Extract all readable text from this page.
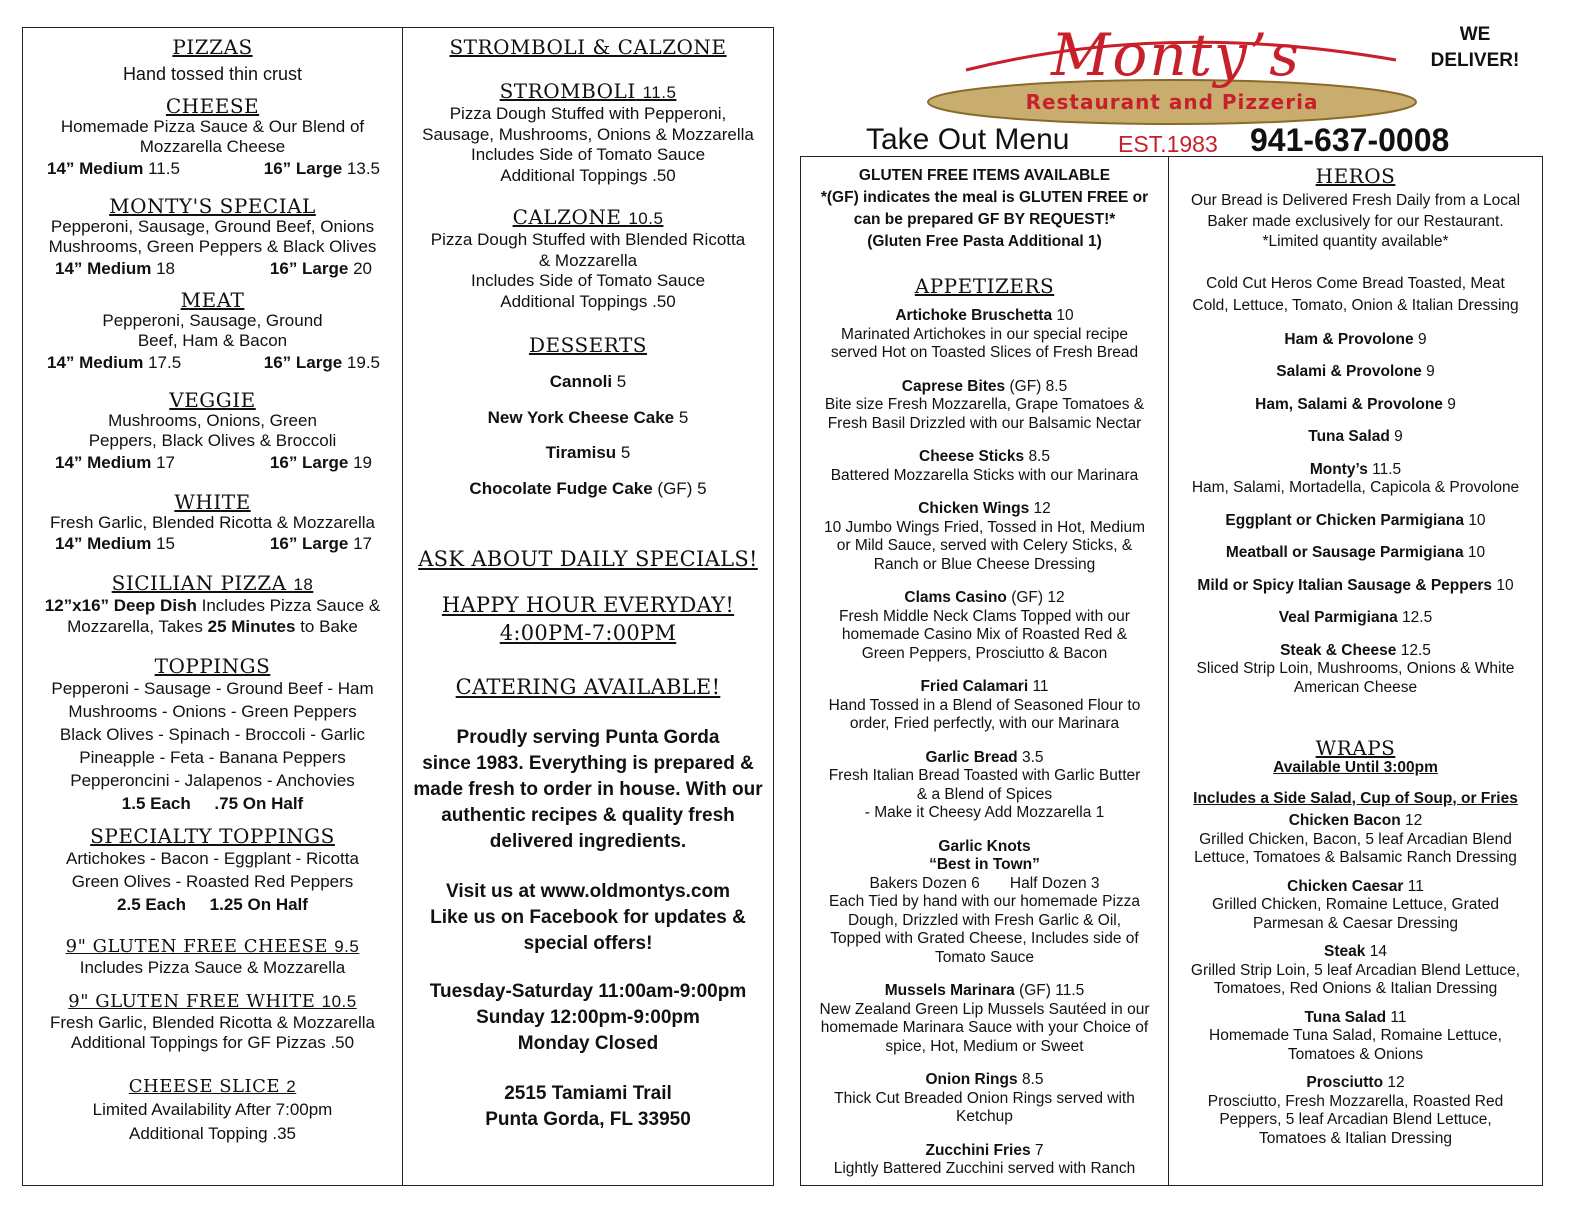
PIZZAS
Hand tossed thin crust
CHEESE
Homemade Pizza Sauce & Our Blend of Mozzarella Cheese
14” Medium 11.5	16” Large 13.5
MONTY'S SPECIAL
Pepperoni, Sausage, Ground Beef, Onions Mushrooms, Green Peppers & Black Olives
14” Medium 18	16” Large 20
MEAT
Pepperoni, Sausage, Ground Beef, Ham & Bacon
14” Medium 17.5	16” Large 19.5
VEGGIE
Mushrooms, Onions, Green Peppers, Black Olives & Broccoli
14” Medium 17	16” Large 19
WHITE
Fresh Garlic, Blended Ricotta & Mozzarella
14” Medium 15	16” Large 17
SICILIAN PIZZA 18
12”x16” Deep Dish Includes Pizza Sauce &
Mozzarella, Takes 25 Minutes to Bake
TOPPINGS
Pepperoni - Sausage - Ground Beef - Ham
Mushrooms - Onions - Green Peppers
Black Olives - Spinach - Broccoli - Garlic
Pineapple - Feta - Banana Peppers
Pepperoncini - Jalapenos - Anchovies
1.5 Each .75 On Half
SPECIALTY TOPPINGS
Artichokes - Bacon - Eggplant - Ricotta
Green Olives - Roasted Red Peppers
2.5 Each 1.25 On Half
9" GLUTEN FREE CHEESE 9.5
Includes Pizza Sauce & Mozzarella
9" GLUTEN FREE WHITE 10.5
Fresh Garlic, Blended Ricotta & Mozzarella
Additional Toppings for GF Pizzas .50
CHEESE SLICE 2
Limited Availability After 7:00pm
Additional Topping .35
STROMBOLI & CALZONE
STROMBOLI 11.5
Pizza Dough Stuffed with Pepperoni,
Sausage, Mushrooms, Onions & Mozzarella
Includes Side of Tomato Sauce
Additional Toppings .50
CALZONE 10.5
Pizza Dough Stuffed with Blended Ricotta
& Mozzarella
Includes Side of Tomato Sauce
Additional Toppings .50
DESSERTS
Cannoli 5
New York Cheese Cake 5
Tiramisu 5
Chocolate Fudge Cake (GF) 5
ASK ABOUT DAILY SPECIALS!
HAPPY HOUR EVERYDAY!
4:00PM-7:00PM
CATERING AVAILABLE!
Proudly serving Punta Gorda
since 1983. Everything is prepared &
made fresh to order in house. With our
authentic recipes & quality fresh
delivered ingredients.
Visit us at www.oldmontys.com
Like us on Facebook for updates &
special offers!
Tuesday-Saturday 11:00am-9:00pm
Sunday 12:00pm-9:00pm
Monday Closed
2515 Tamiami Trail
Punta Gorda, FL 33950
Monty’s
Restaurant and Pizzeria
WE
DELIVER!
Take Out Menu EST.1983 941-637-0008
GLUTEN FREE ITEMS AVAILABLE
*(GF) indicates the meal is GLUTEN FREE or
can be prepared GF BY REQUEST!*
(Gluten Free Pasta Additional 1)
APPETIZERS
Artichoke Bruschetta 10
Marinated Artichokes in our special recipe
served Hot on Toasted Slices of Fresh Bread
Caprese Bites (GF) 8.5
Bite size Fresh Mozzarella, Grape Tomatoes &
Fresh Basil Drizzled with our Balsamic Nectar
Cheese Sticks 8.5
Battered Mozzarella Sticks with our Marinara
Chicken Wings 12
10 Jumbo Wings Fried, Tossed in Hot, Medium
or Mild Sauce, served with Celery Sticks, &
Ranch or Blue Cheese Dressing
Clams Casino (GF) 12
Fresh Middle Neck Clams Topped with our
homemade Casino Mix of Roasted Red &
Green Peppers, Prosciutto & Bacon
Fried Calamari 11
Hand Tossed in a Blend of Seasoned Flour to
order, Fried perfectly, with our Marinara
Garlic Bread 3.5
Fresh Italian Bread Toasted with Garlic Butter
& a Blend of Spices
- Make it Cheesy Add Mozzarella 1
Garlic Knots
“Best in Town”
Bakers Dozen 6       Half Dozen 3
Each Tied by hand with our homemade Pizza
Dough, Drizzled with Fresh Garlic & Oil,
Topped with Grated Cheese, Includes side of
Tomato Sauce
Mussels Marinara (GF) 11.5
New Zealand Green Lip Mussels Sautéed in our
homemade Marinara Sauce with your Choice of
spice, Hot, Medium or Sweet
Onion Rings 8.5
Thick Cut Breaded Onion Rings served with
Ketchup
Zucchini Fries 7
Lightly Battered Zucchini served with Ranch
HEROS
Our Bread is Delivered Fresh Daily from a Local
Baker made exclusively for our Restaurant.
*Limited quantity available*
Cold Cut Heros Come Bread Toasted, Meat
Cold, Lettuce, Tomato, Onion & Italian Dressing
Ham & Provolone 9
Salami & Provolone 9
Ham, Salami & Provolone 9
Tuna Salad 9
Monty’s 11.5
Ham, Salami, Mortadella, Capicola & Provolone
Eggplant or Chicken Parmigiana 10
Meatball or Sausage Parmigiana 10
Mild or Spicy Italian Sausage & Peppers 10
Veal Parmigiana 12.5
Steak & Cheese 12.5
Sliced Strip Loin, Mushrooms, Onions & White
American Cheese
WRAPS
Available Until 3:00pm
Includes a Side Salad, Cup of Soup, or Fries
Chicken Bacon 12
Grilled Chicken, Bacon, 5 leaf Arcadian Blend
Lettuce, Tomatoes & Balsamic Ranch Dressing
Chicken Caesar 11
Grilled Chicken, Romaine Lettuce, Grated
Parmesan & Caesar Dressing
Steak 14
Grilled Strip Loin, 5 leaf Arcadian Blend Lettuce,
Tomatoes, Red Onions & Italian Dressing
Tuna Salad 11
Homemade Tuna Salad, Romaine Lettuce,
Tomatoes & Onions
Prosciutto 12
Prosciutto, Fresh Mozzarella, Roasted Red
Peppers, 5 leaf Arcadian Blend Lettuce,
Tomatoes & Italian Dressing
